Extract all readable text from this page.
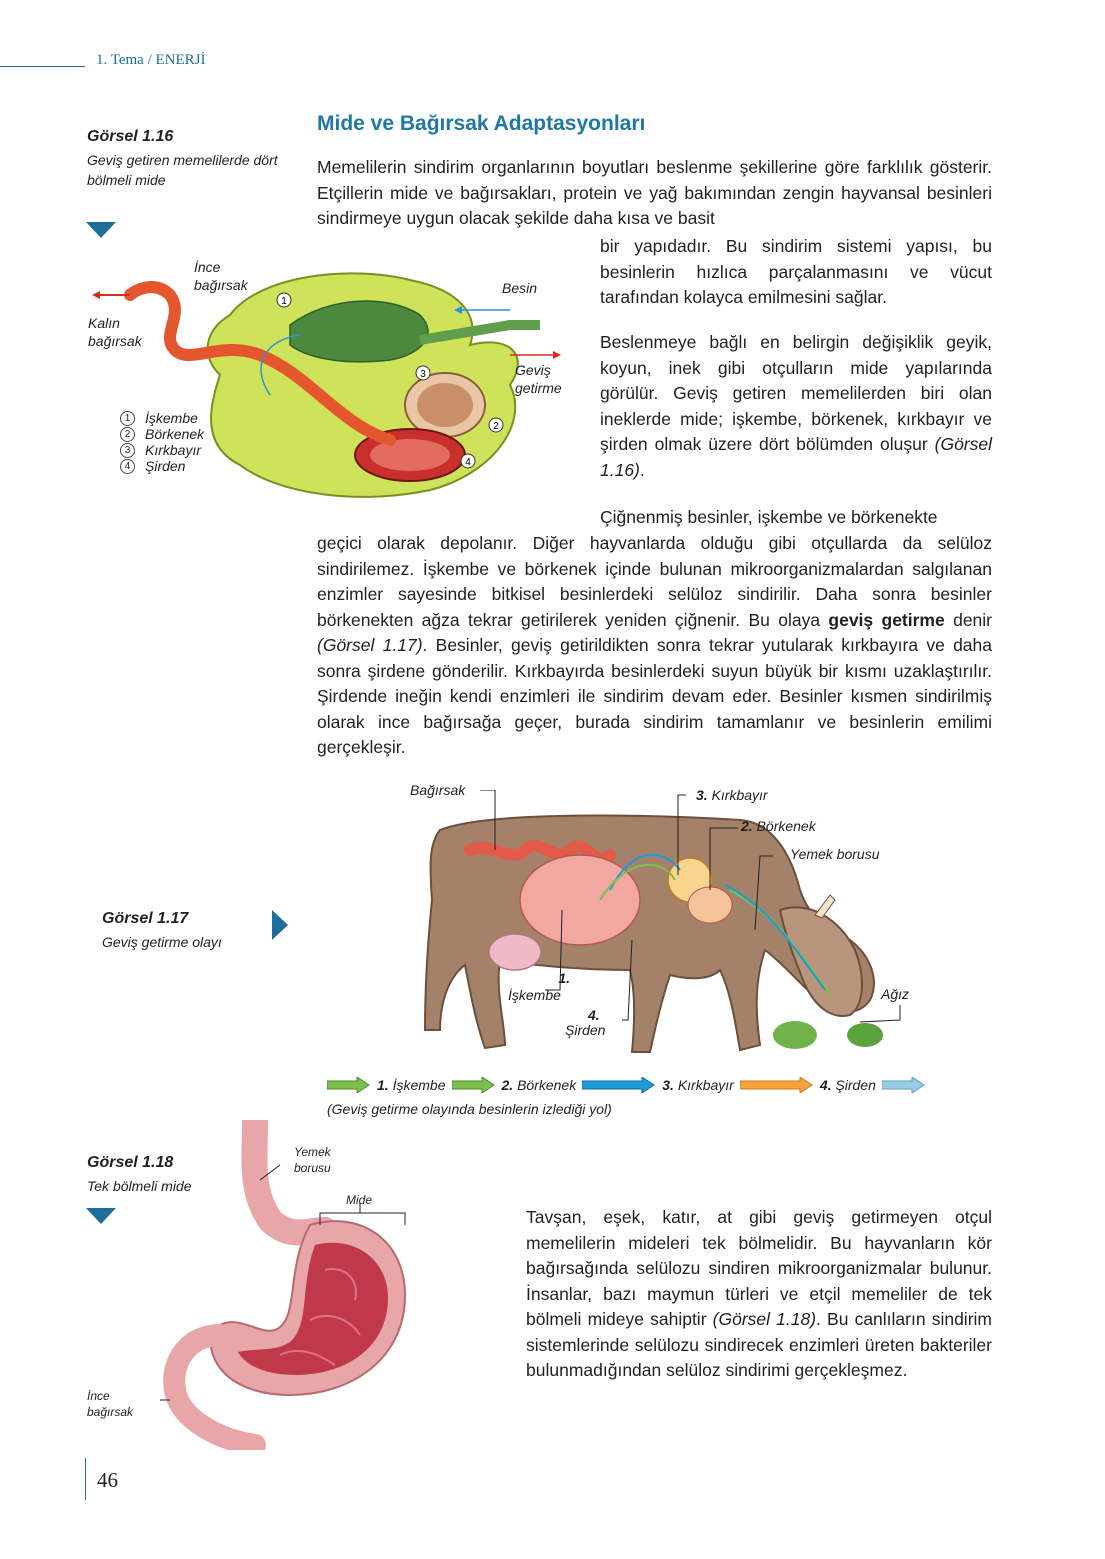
1. Tema / ENERJİ
Mide ve Bağırsak Adaptasyonları
Görsel 1.16
Geviş getiren memelilerde dört bölmeli mide
1
2
3
4
İnce bağırsak
Kalın bağırsak
Besin
Geviş getirme
1	İşkembe
2	Börkenek
3	Kırkbayır
4	Şirden
Memelilerin sindirim organlarının boyutları beslenme şekillerine göre farklılık gösterir. Etçillerin mide ve bağırsakları, protein ve yağ bakımından zengin hayvansal besinleri sindirmeye uygun olacak şekilde daha kısa ve basit
bir yapıdadır. Bu sindirim sistemi yapısı, bu besinlerin hızlıca parçalanmasını ve vücut tarafından kolayca emilmesini sağlar.
Beslenmeye bağlı en belirgin değişiklik geyik, koyun, inek gibi otçulların mide yapılarında görülür. Geviş getiren memelilerden biri olan ineklerde mide; işkembe, börkenek, kırkbayır ve şirden olmak üzere dört bölümden oluşur (Görsel 1.16).
Çiğnenmiş besinler, işkembe ve börkenekte
geçici olarak depolanır. Diğer hayvanlarda olduğu gibi otçullarda da selüloz sindirilemez. İşkembe ve börkenek içinde bulunan mikroorganizmalardan salgılanan enzimler sayesinde bitkisel besinlerdeki selüloz sindirilir. Daha sonra besinler börkenekten ağza tekrar getirilerek yeniden çiğnenir. Bu olaya geviş getirme denir (Görsel 1.17). Besinler, geviş getirildikten sonra tekrar yutularak kırkbayıra ve daha sonra şirdene gönderilir. Kırkbayırda besinlerdeki suyun büyük bir kısmı uzaklaştırılır. Şirdende ineğin kendi enzimleri ile sindirim devam eder. Besinler kısmen sindirilmiş olarak ince bağırsağa geçer, burada sindirim tamamlanır ve besinlerin emilimi gerçekleşir.
Görsel 1.17
Geviş getirme olayı
Bağırsak	3. Kırkbayır
2. Börkenek
Yemek borusu
1.
İşkembe
4.
Şirden
Ağız
1. İşkembe	2. Börkenek	3. Kırkbayır	4. Şirden
(Geviş getirme olayında besinlerin izlediği yol)
Görsel 1.18
Tek bölmeli mide
Yemek borusu
Mide
İnce bağırsak
Tavşan, eşek, katır, at gibi geviş getirmeyen otçul memelilerin mideleri tek bölmelidir. Bu hayvanların kör bağırsağında selülozu sindiren mikroorganizmalar bulunur. İnsanlar, bazı maymun türleri ve etçil memeliler de tek bölmeli mideye sahiptir (Görsel 1.18). Bu canlıların sindirim sistemlerinde selülozu sindirecek enzimleri üreten bakteriler bulunmadığından selüloz sindirimi gerçekleşmez.
46
